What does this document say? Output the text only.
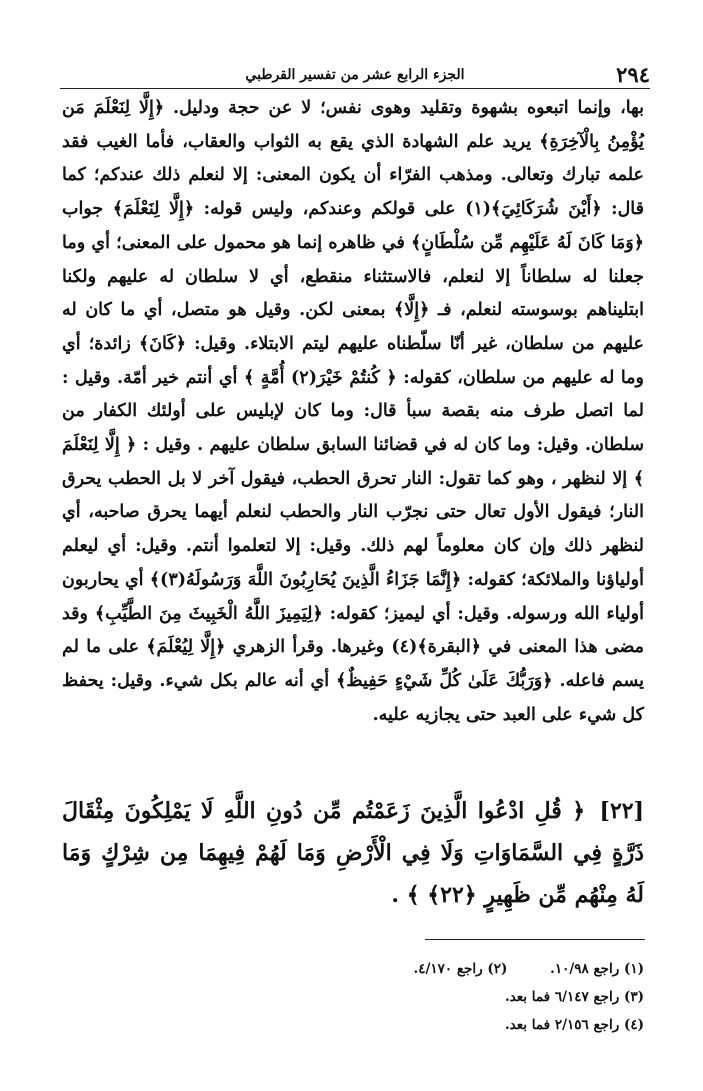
٢٩٤
الجزء الرابع عشر من تفسير القرطبي

بها، وإنما اتبعوه بشهوة وتقليد وهوى نفس؛ لا عن حجة ودليل. ﴿إِلَّا لِنَعْلَمَ مَن يُؤْمِنُ بِالْآخِرَةِ﴾ يريد علم الشهادة الذي يقع به الثواب والعقاب، فأما الغيب فقد علمه تبارك وتعالى. ومذهب الفرّاء أن يكون المعنى: إلا لنعلم ذلك عندكم؛ كما قال: ﴿أَيْنَ شُرَكَائِيَ﴾(١) على قولكم وعندكم، وليس قوله: ﴿إِلَّا لِنَعْلَمَ﴾ جواب ﴿وَمَا كَانَ لَهُ عَلَيْهِم مِّن سُلْطَانٍ﴾ في ظاهره إنما هو محمول على المعنى؛ أي وما جعلنا له سلطاناً إلا لنعلم، فالاستثناء منقطع، أي لا سلطان له عليهم ولكنا ابتليناهم بوسوسته لنعلم، فـ ﴿إِلَّا﴾ بمعنى لكن. وقيل هو متصل، أي ما كان له عليهم من سلطان، غير أنّا سلّطناه عليهم ليتم الابتلاء. وقيل: ﴿كَانَ﴾ زائدة؛ أي وما له عليهم من سلطان، كقوله: ﴿ كُنتُمْ خَيْرَ(٢) أُمَّةٍ ﴾ أي أنتم خير أمّة. وقيل : لما اتصل طرف منه بقصة سبأ قال: وما كان لإبليس على أولئك الكفار من سلطان. وقيل: وما كان له في قضائنا السابق سلطان عليهم . وقيل : ﴿ إِلَّا لِنَعْلَمَ ﴾ إلا لنظهر ، وهو كما تقول: النار تحرق الحطب، فيقول آخر لا بل الحطب يحرق النار؛ فيقول الأول تعال حتى نجرّب النار والحطب لنعلم أيهما يحرق صاحبه، أي لنظهر ذلك وإن كان معلوماً لهم ذلك. وقيل: إلا لتعلموا أنتم. وقيل: أي ليعلم أولياؤنا والملائكة؛ كقوله: ﴿إِنَّمَا جَزَاءُ الَّذِينَ يُحَارِبُونَ اللَّهَ وَرَسُولَهُ(٣)﴾ أي يحاربون أولياء الله ورسوله. وقيل: أي ليميز؛ كقوله: ﴿لِيَمِيزَ اللَّهُ الْخَبِيثَ مِنَ الطَّيِّبِ﴾ وقد مضى هذا المعنى في ﴿البقرة﴾(٤) وغيرها. وقرأ الزهري ﴿إِلَّا لِيُعْلَمَ﴾ على ما لم يسم فاعله. ﴿وَرَبُّكَ عَلَىٰ كُلِّ شَيْءٍ حَفِيظٌ﴾ أي أنه عالم بكل شيء. وقيل: يحفظ كل شيء على العبد حتى يجازيه عليه.

[٢٢] ﴿ قُلِ ادْعُوا الَّذِينَ زَعَمْتُم مِّن دُونِ اللَّهِ لَا يَمْلِكُونَ مِثْقَالَ ذَرَّةٍ فِي السَّمَاوَاتِ وَلَا فِي الْأَرْضِ وَمَا لَهُمْ فِيهِمَا مِن شِرْكٍ وَمَا لَهُ مِنْهُم مِّن ظَهِيرٍ ﴿٢٢﴾ ﴾ .
(١) راجع ١٠/٩٨. (٢) راجع ٤/١٧٠.
(٣) راجع ٦/١٤٧ فما بعد.
(٤) راجع ٢/١٥٦ فما بعد.
